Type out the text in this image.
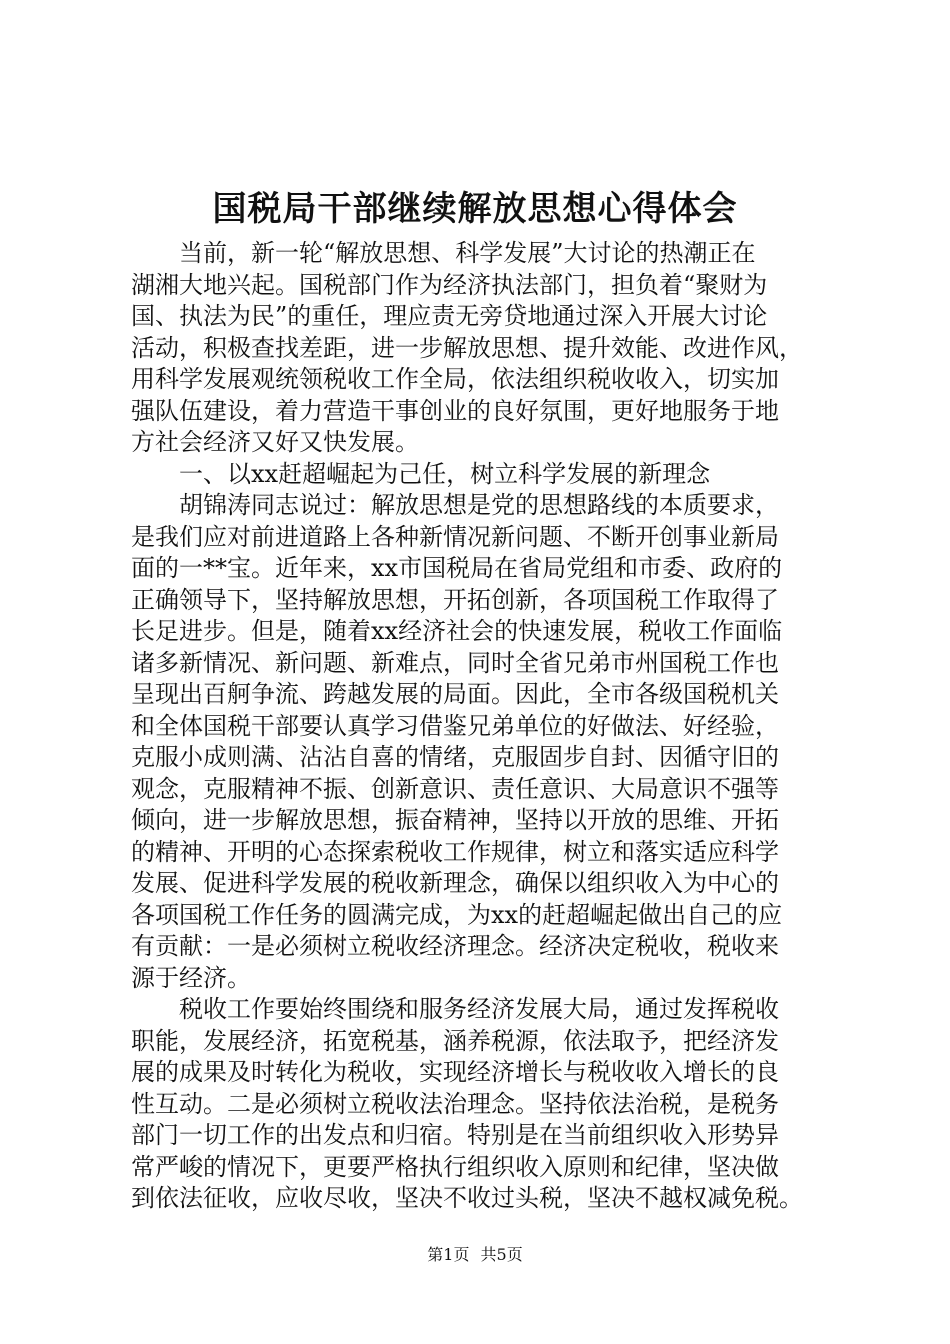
国税局干部继续解放思想心得体会
　　当前，新一轮“解放思想、科学发展”大讨论的热潮正在
湖湘大地兴起。国税部门作为经济执法部门，担负着“聚财为
国、执法为民”的重任，理应责无旁贷地通过深入开展大讨论
活动，积极查找差距，进一步解放思想、提升效能、改进作风，
用科学发展观统领税收工作全局，依法组织税收收入，切实加
强队伍建设，着力营造干事创业的良好氛围，更好地服务于地
方社会经济又好又快发展。
　　一、以xx赶超崛起为己任，树立科学发展的新理念
　　胡锦涛同志说过：解放思想是党的思想路线的本质要求，
是我们应对前进道路上各种新情况新问题、不断开创事业新局
面的一**宝。近年来，xx市国税局在省局党组和市委、政府的
正确领导下，坚持解放思想，开拓创新，各项国税工作取得了
长足进步。但是，随着xx经济社会的快速发展，税收工作面临
诸多新情况、新问题、新难点，同时全省兄弟市州国税工作也
呈现出百舸争流、跨越发展的局面。因此，全市各级国税机关
和全体国税干部要认真学习借鉴兄弟单位的好做法、好经验，
克服小成则满、沾沾自喜的情绪，克服固步自封、因循守旧的
观念，克服精神不振、创新意识、责任意识、大局意识不强等
倾向，进一步解放思想，振奋精神，坚持以开放的思维、开拓
的精神、开明的心态探索税收工作规律，树立和落实适应科学
发展、促进科学发展的税收新理念，确保以组织收入为中心的
各项国税工作任务的圆满完成，为xx的赶超崛起做出自己的应
有贡献：一是必须树立税收经济理念。经济决定税收，税收来
源于经济。
　　税收工作要始终围绕和服务经济发展大局，通过发挥税收
职能，发展经济，拓宽税基，涵养税源，依法取予，把经济发
展的成果及时转化为税收，实现经济增长与税收收入增长的良
性互动。二是必须树立税收法治理念。坚持依法治税，是税务
部门一切工作的出发点和归宿。特别是在当前组织收入形势异
常严峻的情况下，更要严格执行组织收入原则和纪律，坚决做
到依法征收，应收尽收，坚决不收过头税，坚决不越权减免税。
第1页 共5页
